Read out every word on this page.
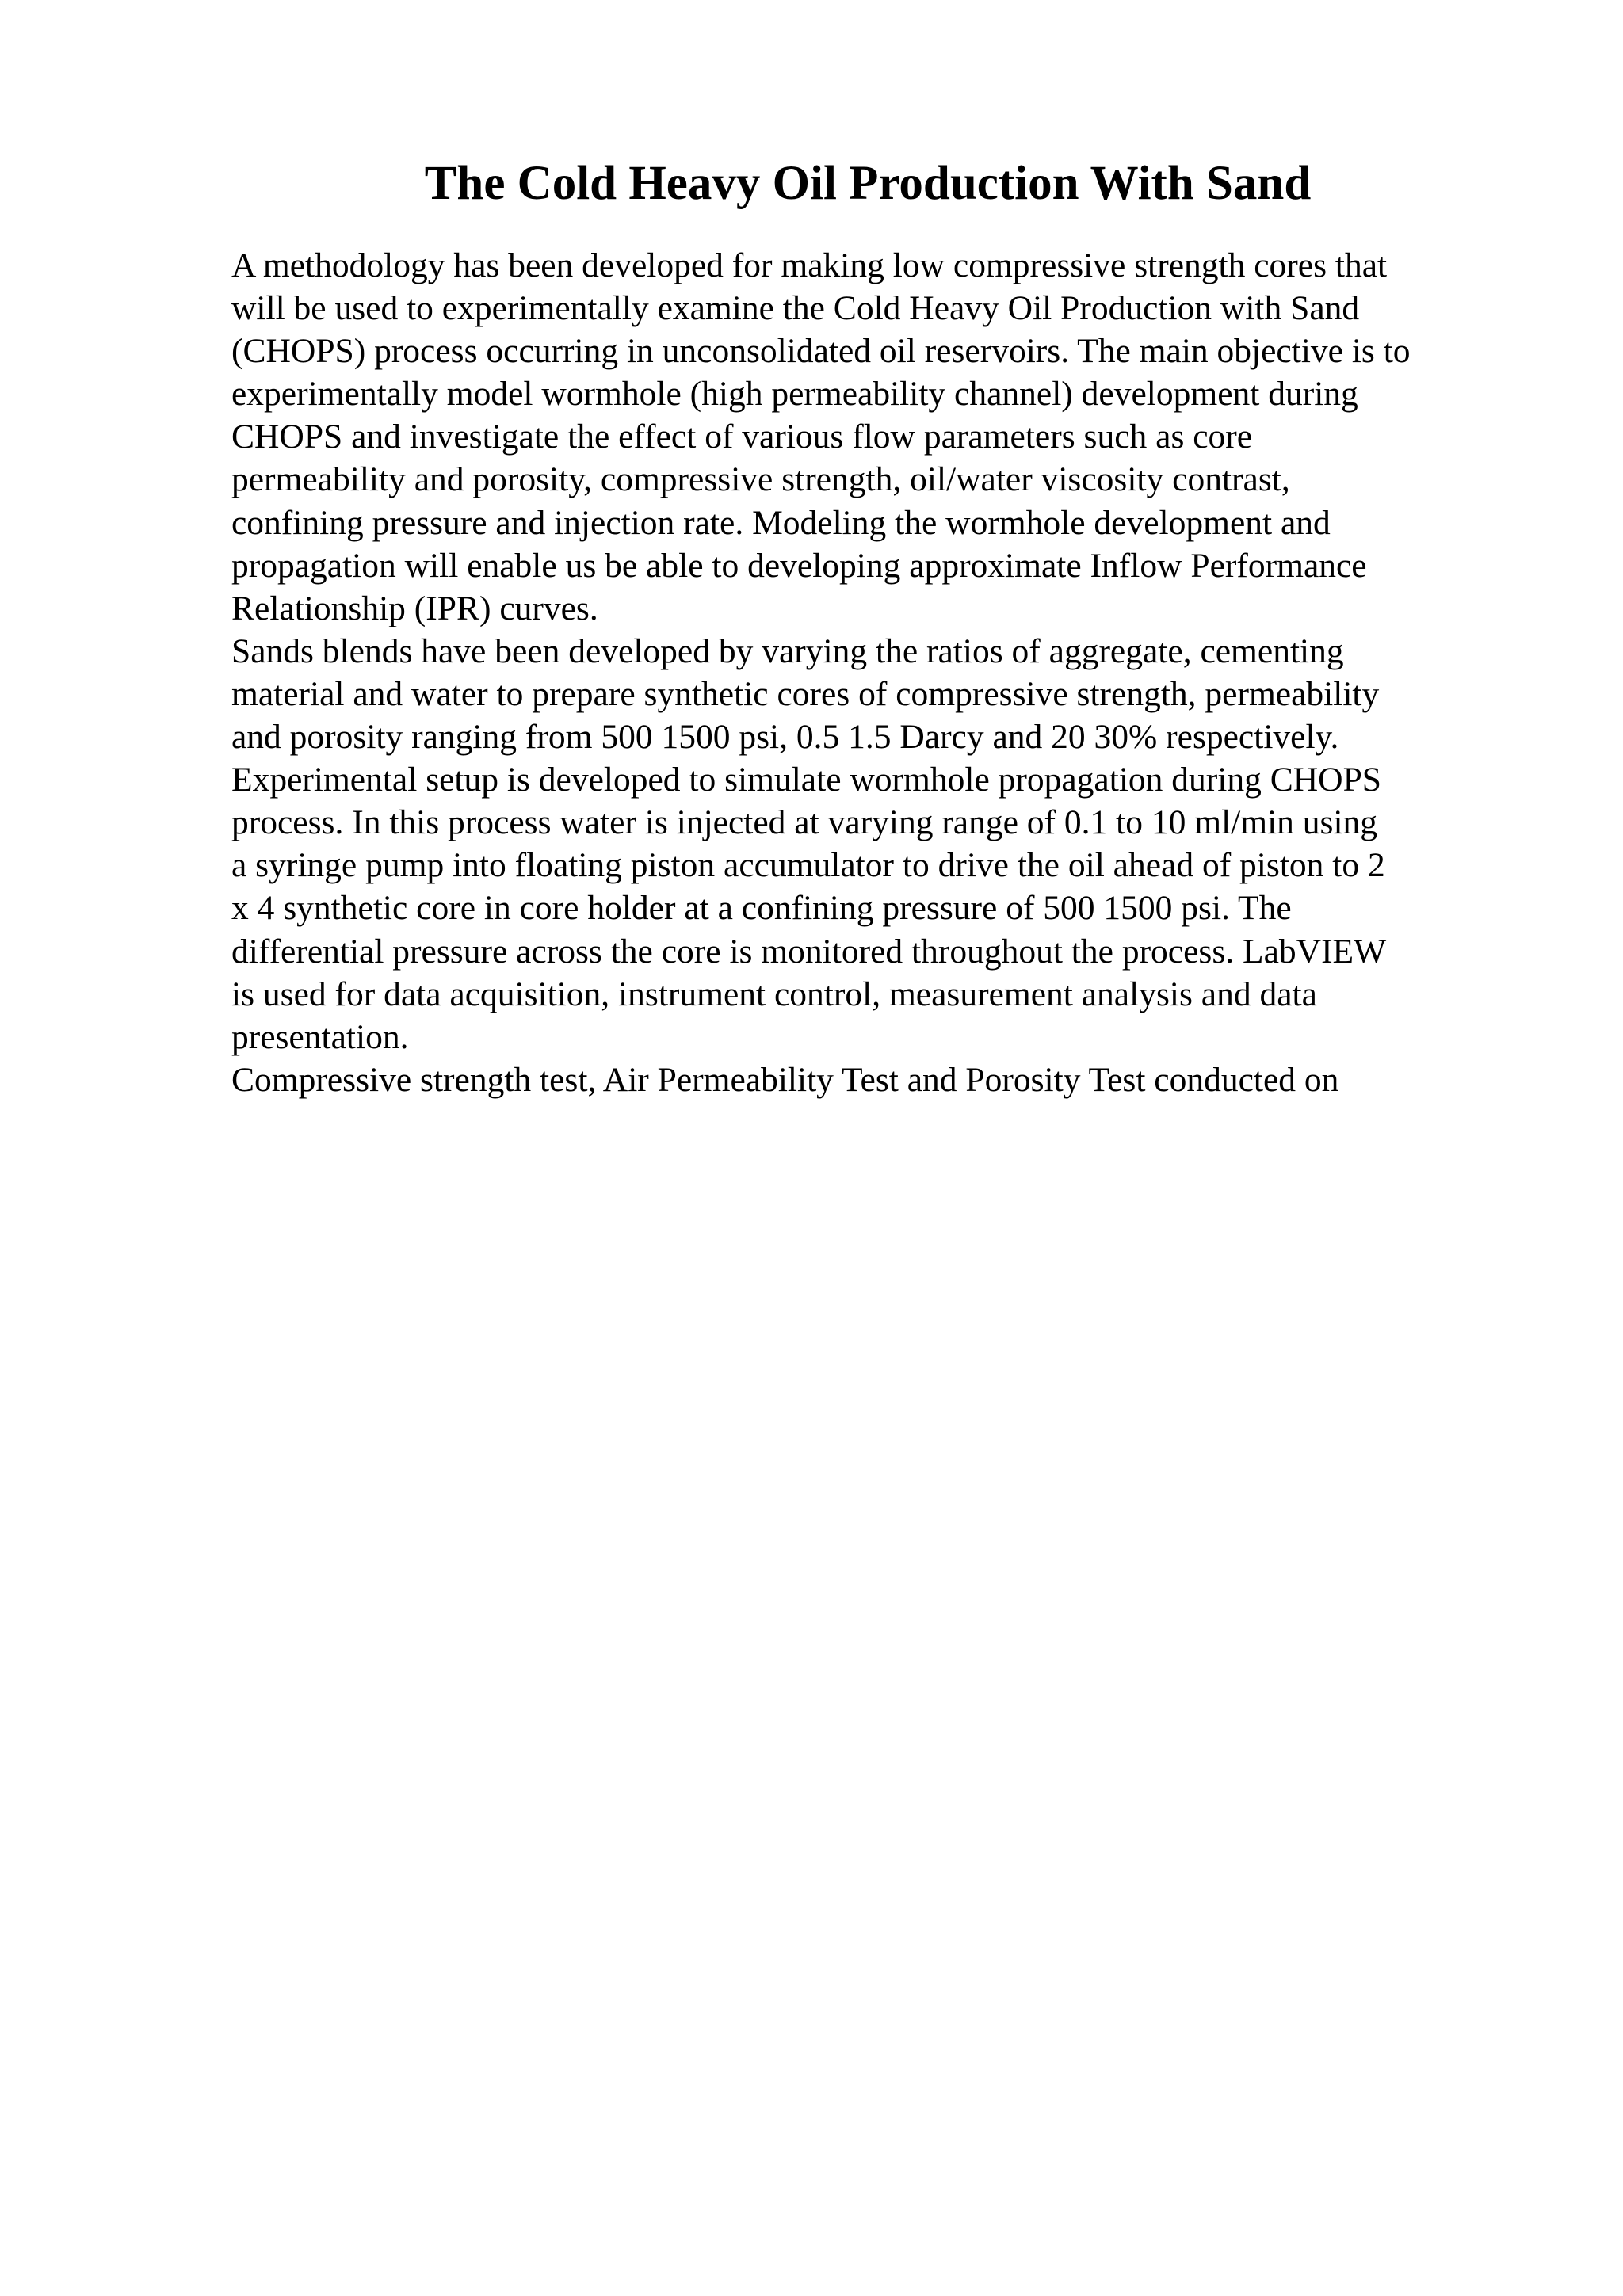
The Cold Heavy Oil Production With Sand
A methodology has been developed for making low compressive strength cores that
will be used to experimentally examine the Cold Heavy Oil Production with Sand
(CHOPS) process occurring in unconsolidated oil reservoirs. The main objective is to
experimentally model wormhole (high permeability channel) development during
CHOPS and investigate the effect of various flow parameters such as core
permeability and porosity, compressive strength, oil/water viscosity contrast,
confining pressure and injection rate. Modeling the wormhole development and
propagation will enable us be able to developing approximate Inflow Performance
Relationship (IPR) curves.
Sands blends have been developed by varying the ratios of aggregate, cementing
material and water to prepare synthetic cores of compressive strength, permeability
and porosity ranging from 500 1500 psi, 0.5 1.5 Darcy and 20 30% respectively.
Experimental setup is developed to simulate wormhole propagation during CHOPS
process. In this process water is injected at varying range of 0.1 to 10 ml/min using
a syringe pump into floating piston accumulator to drive the oil ahead of piston to 2
x 4 synthetic core in core holder at a confining pressure of 500 1500 psi. The
differential pressure across the core is monitored throughout the process. LabVIEW
is used for data acquisition, instrument control, measurement analysis and data
presentation.
Compressive strength test, Air Permeability Test and Porosity Test conducted on
